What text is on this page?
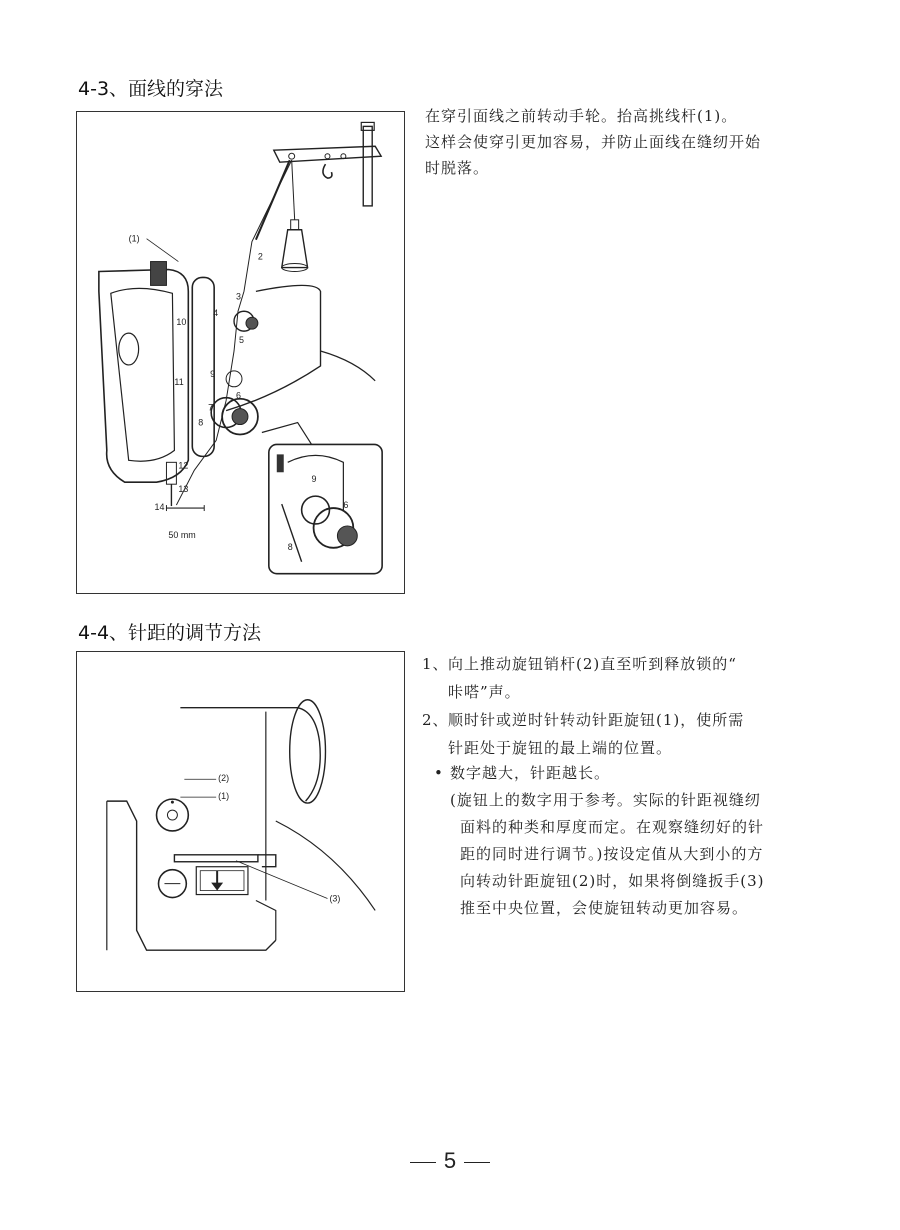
4-3、面线的穿法
(1)
2
3
4
5
6
7
8
9
10
11
12
13
14
50 mm
9
6
8
在穿引面线之前转动手轮。抬高挑线杆(1)。
这样会使穿引更加容易，并防止面线在缝纫开始
时脱落。
4-4、针距的调节方法
(2)
(1)
(3)
1、 向上推动旋钮销杆(2)直至听到释放锁的“
咔嗒”声。
2、 顺时针或逆时针转动针距旋钮(1)，使所需
针距处于旋钮的最上端的位置。
• 数字越大，针距越长。
(旋钮上的数字用于参考。实际的针距视缝纫
面料的种类和厚度而定。在观察缝纫好的针
距的同时进行调节。)按设定值从大到小的方
向转动针距旋钮(2)时，如果将倒缝扳手(3)
推至中央位置，会使旋钮转动更加容易。
5
